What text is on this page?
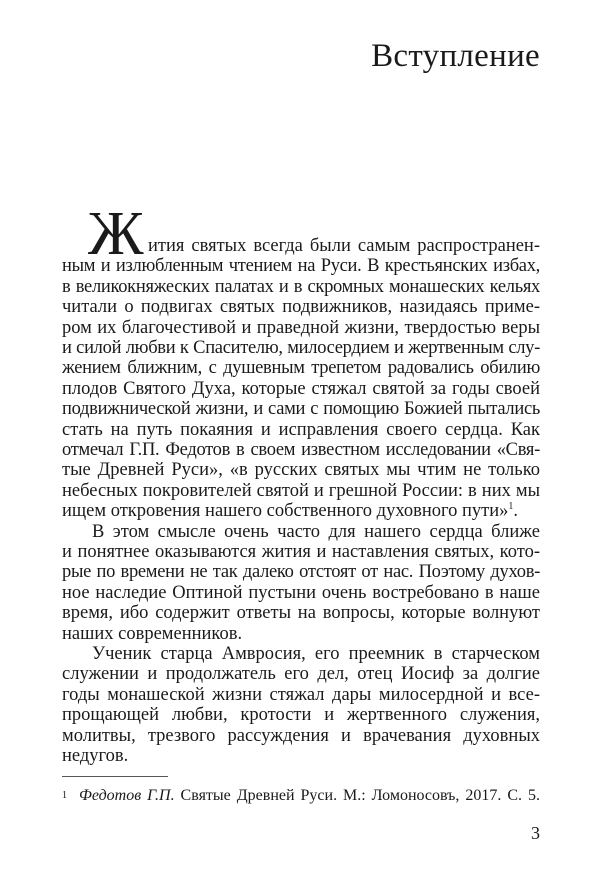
Вступление
Ж ития святых всегда были самым распространен-
ным и излюбленным чтением на Руси. В крестьянских избах,
в великокняжеских палатах и в скромных монашеских кельях
читали о подвигах святых подвижников, назидаясь приме-
ром их благочестивой и праведной жизни, твердостью веры
и силой любви к Спасителю, милосердием и жертвенным слу-
жением ближним, с душевным трепетом радовались обилию
плодов Святого Духа, которые стяжал святой за годы своей
подвижнической жизни, и сами с помощию Божией пытались
стать на путь покаяния и исправления своего сердца. Как
отмечал Г.П. Федотов в своем известном исследовании «Свя-
тые Древней Руси», «в русских святых мы чтим не только
небесных покровителей святой и грешной России: в них мы
ищем откровения нашего собственного духовного пути»$^1$.
В этом смысле очень часто для нашего сердца ближе
и понятнее оказываются жития и наставления святых, кото-
рые по времени не так далеко отстоят от нас. Поэтому духов-
ное наследие Оптиной пустыни очень востребовано в наше
время, ибо содержит ответы на вопросы, которые волнуют
наших современников.
Ученик старца Амвросия, его преемник в старческом
служении и продолжатель его дел, отец Иосиф за долгие
годы монашеской жизни стяжал дары милосердной и все-
прощающей любви, кротости и жертвенного служения,
молитвы, трезвого рассуждения и врачевания духовных
недугов.
$^1$ Федотов Г.П. Святые Древней Руси. М.: Ломоносовъ, 2017. С. 5.
3
